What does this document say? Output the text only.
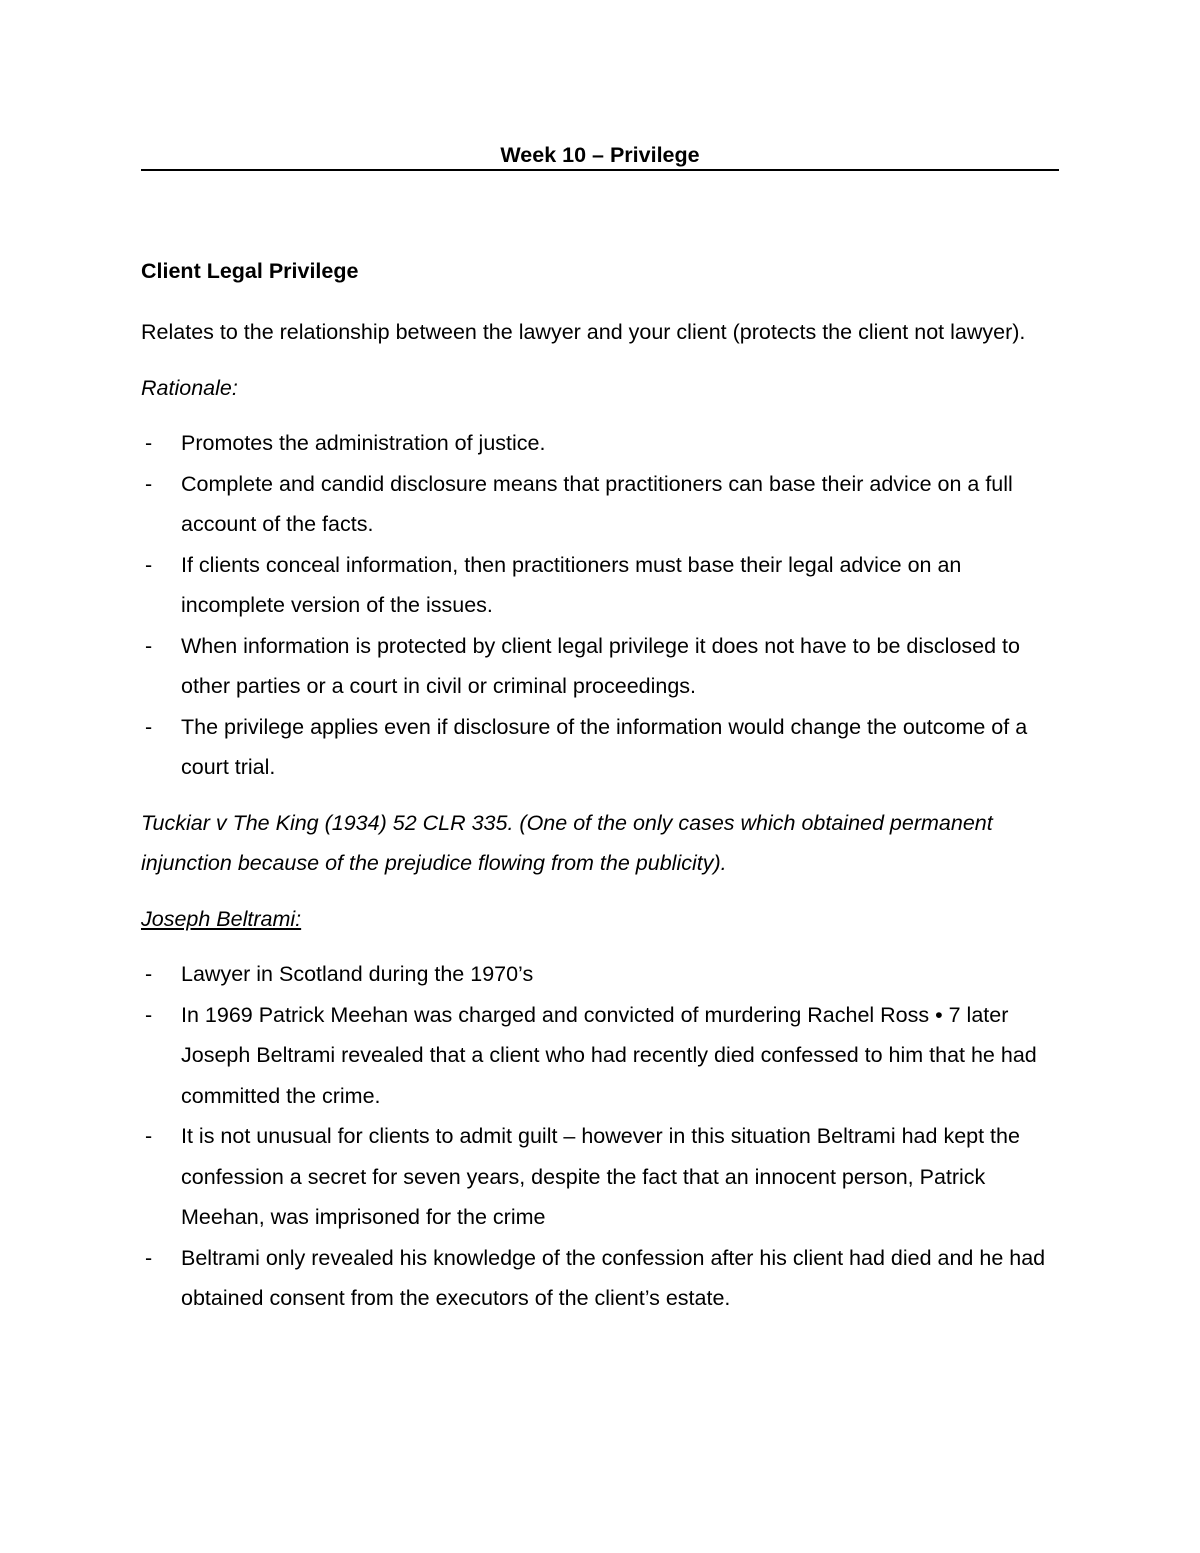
Week 10 – Privilege
Client Legal Privilege

Relates to the relationship between the lawyer and your client (protects the client not lawyer).

Rationale:

- Promotes the administration of justice.
- Complete and candid disclosure means that practitioners can base their advice on a full account of the facts.
- If clients conceal information, then practitioners must base their legal advice on an incomplete version of the issues.
- When information is protected by client legal privilege it does not have to be disclosed to other parties or a court in civil or criminal proceedings.
- The privilege applies even if disclosure of the information would change the outcome of a court trial.

Tuckiar v The King (1934) 52 CLR 335. (One of the only cases which obtained permanent injunction because of the prejudice flowing from the publicity).

Joseph Beltrami:

- Lawyer in Scotland during the 1970’s
- In 1969 Patrick Meehan was charged and convicted of murdering Rachel Ross • 7 later Joseph Beltrami revealed that a client who had recently died confessed to him that he had committed the crime.
- It is not unusual for clients to admit guilt – however in this situation Beltrami had kept the confession a secret for seven years, despite the fact that an innocent person, Patrick Meehan, was imprisoned for the crime
- Beltrami only revealed his knowledge of the confession after his client had died and he had obtained consent from the executors of the client’s estate.
